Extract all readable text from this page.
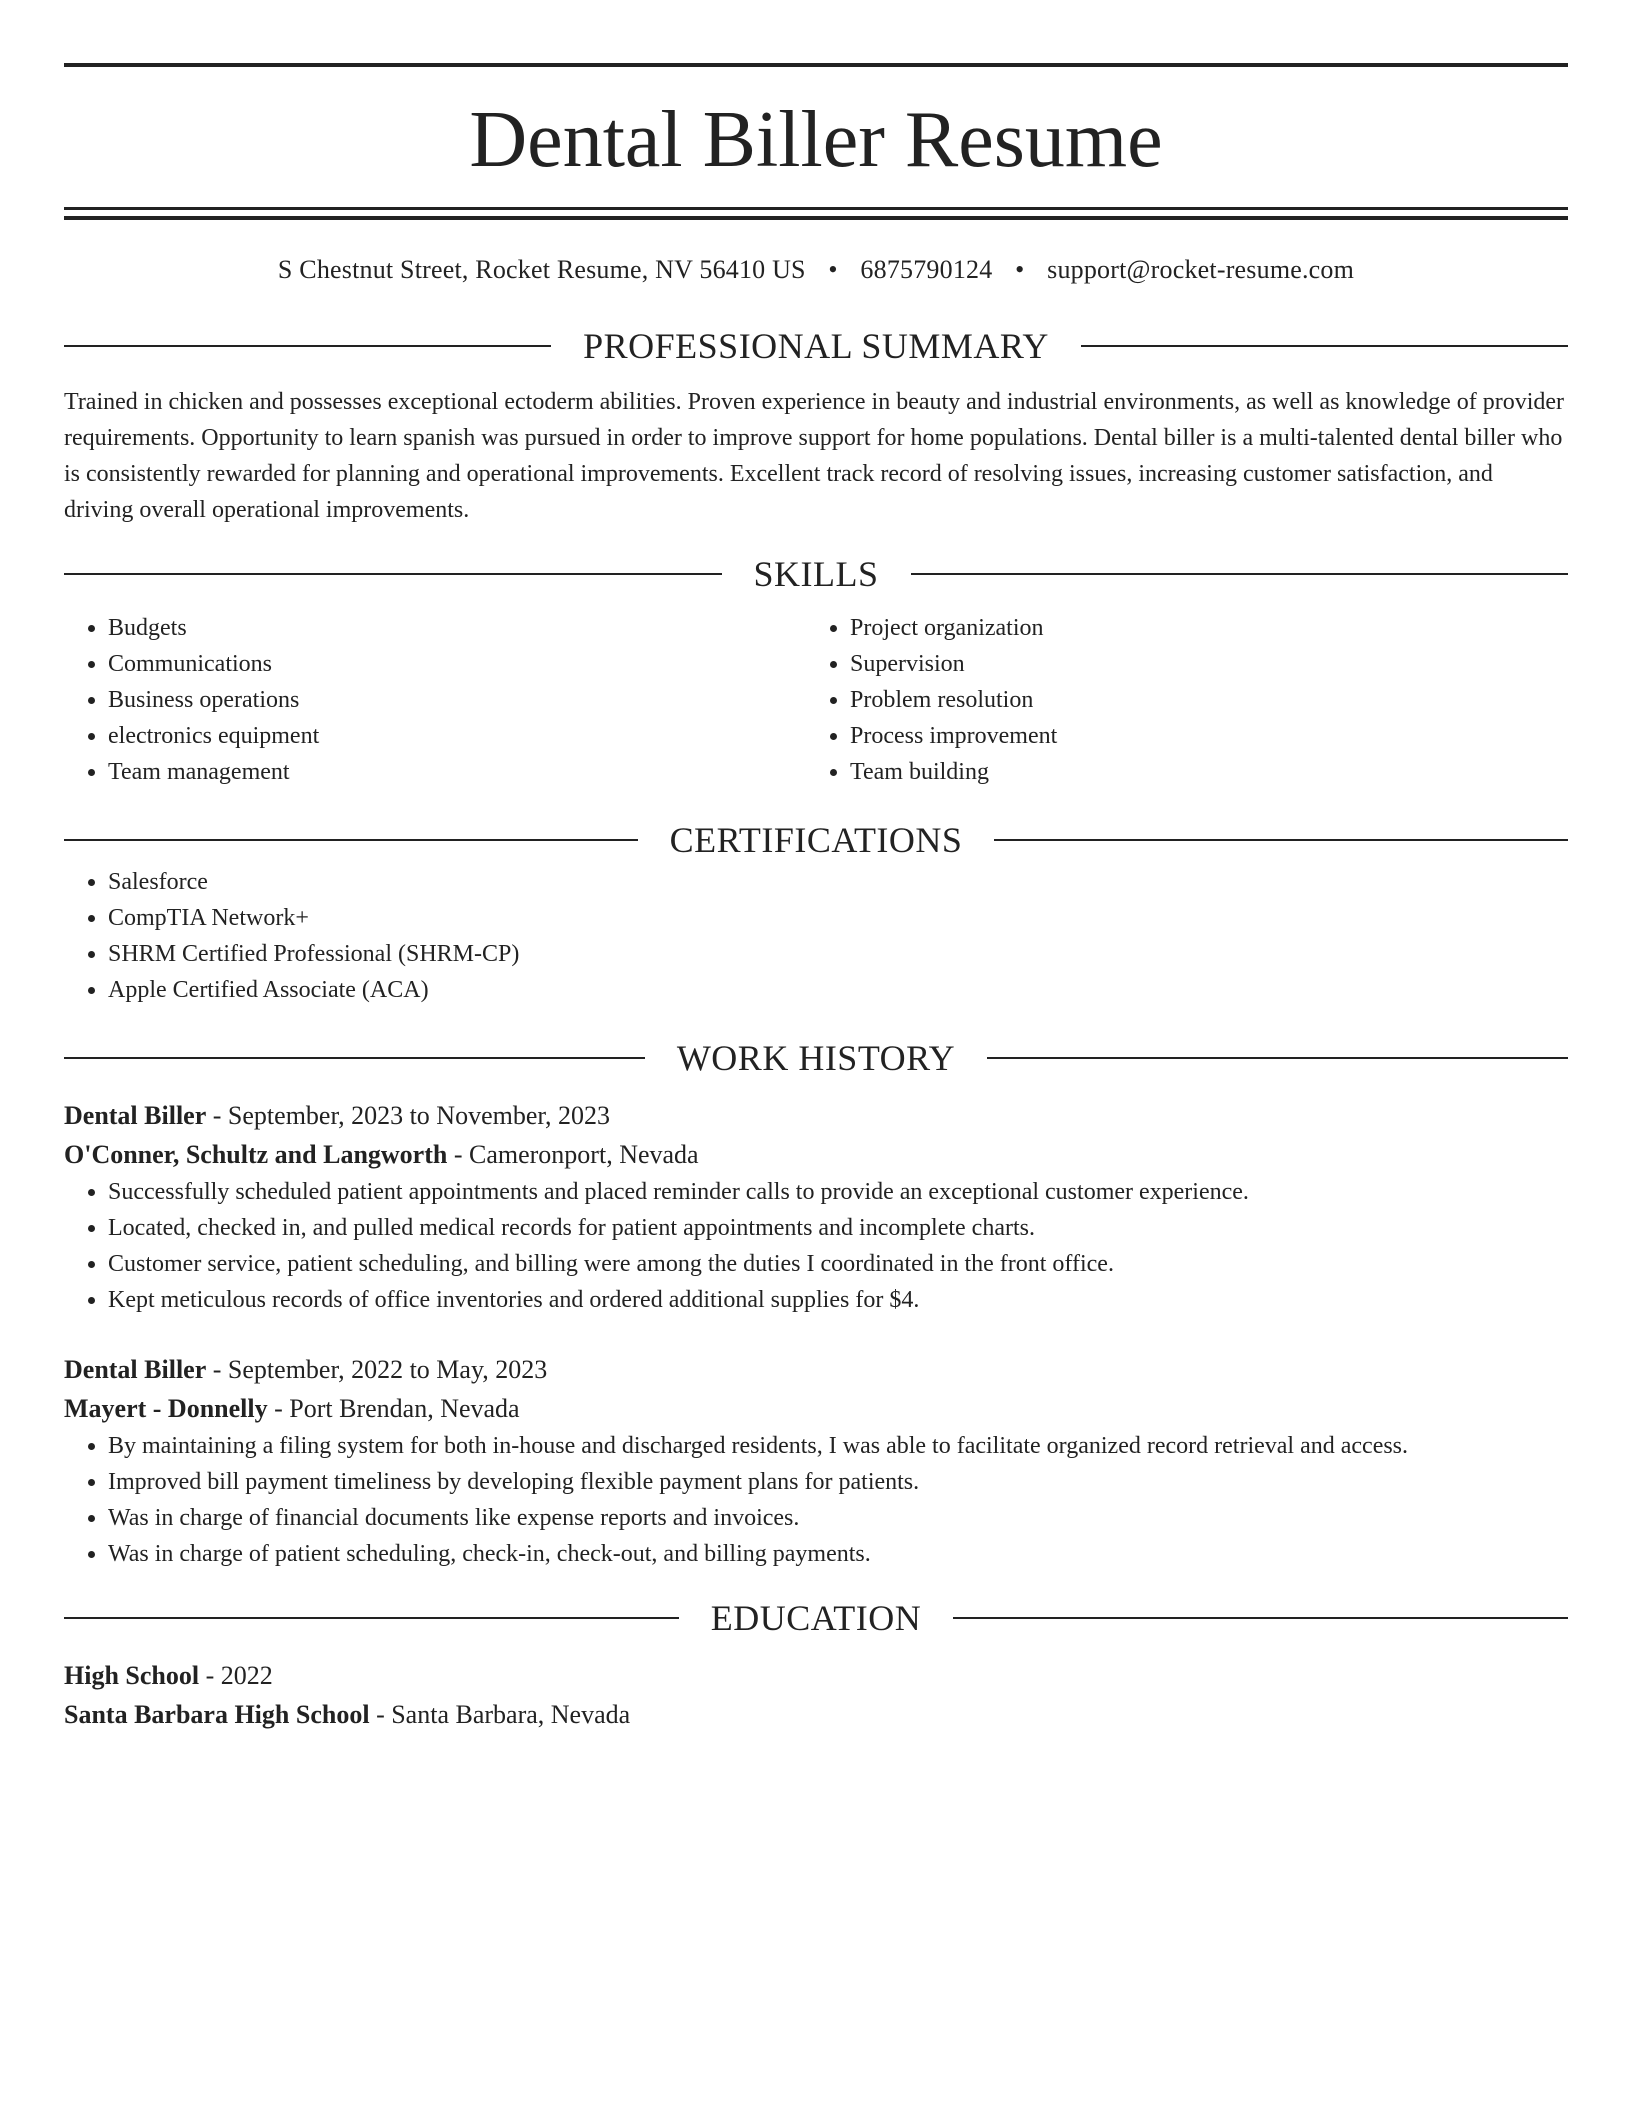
Dental Biller Resume
S Chestnut Street, Rocket Resume, NV 56410 US • 6875790124 • support@rocket-resume.com
PROFESSIONAL SUMMARY
Trained in chicken and possesses exceptional ectoderm abilities. Proven experience in beauty and industrial environments, as well as knowledge of provider requirements. Opportunity to learn spanish was pursued in order to improve support for home populations. Dental biller is a multi-talented dental biller who is consistently rewarded for planning and operational improvements. Excellent track record of resolving issues, increasing customer satisfaction, and driving overall operational improvements.
SKILLS
• Budgets
• Communications
• Business operations
• electronics equipment
• Team management
• Project organization
• Supervision
• Problem resolution
• Process improvement
• Team building
CERTIFICATIONS
• Salesforce
• CompTIA Network+
• SHRM Certified Professional (SHRM-CP)
• Apple Certified Associate (ACA)
WORK HISTORY
Dental Biller - September, 2023 to November, 2023
O'Conner, Schultz and Langworth - Cameronport, Nevada
• Successfully scheduled patient appointments and placed reminder calls to provide an exceptional customer experience.
• Located, checked in, and pulled medical records for patient appointments and incomplete charts.
• Customer service, patient scheduling, and billing were among the duties I coordinated in the front office.
• Kept meticulous records of office inventories and ordered additional supplies for $4.
Dental Biller - September, 2022 to May, 2023
Mayert - Donnelly - Port Brendan, Nevada
• By maintaining a filing system for both in-house and discharged residents, I was able to facilitate organized record retrieval and access.
• Improved bill payment timeliness by developing flexible payment plans for patients.
• Was in charge of financial documents like expense reports and invoices.
• Was in charge of patient scheduling, check-in, check-out, and billing payments.
EDUCATION
High School - 2022
Santa Barbara High School - Santa Barbara, Nevada
